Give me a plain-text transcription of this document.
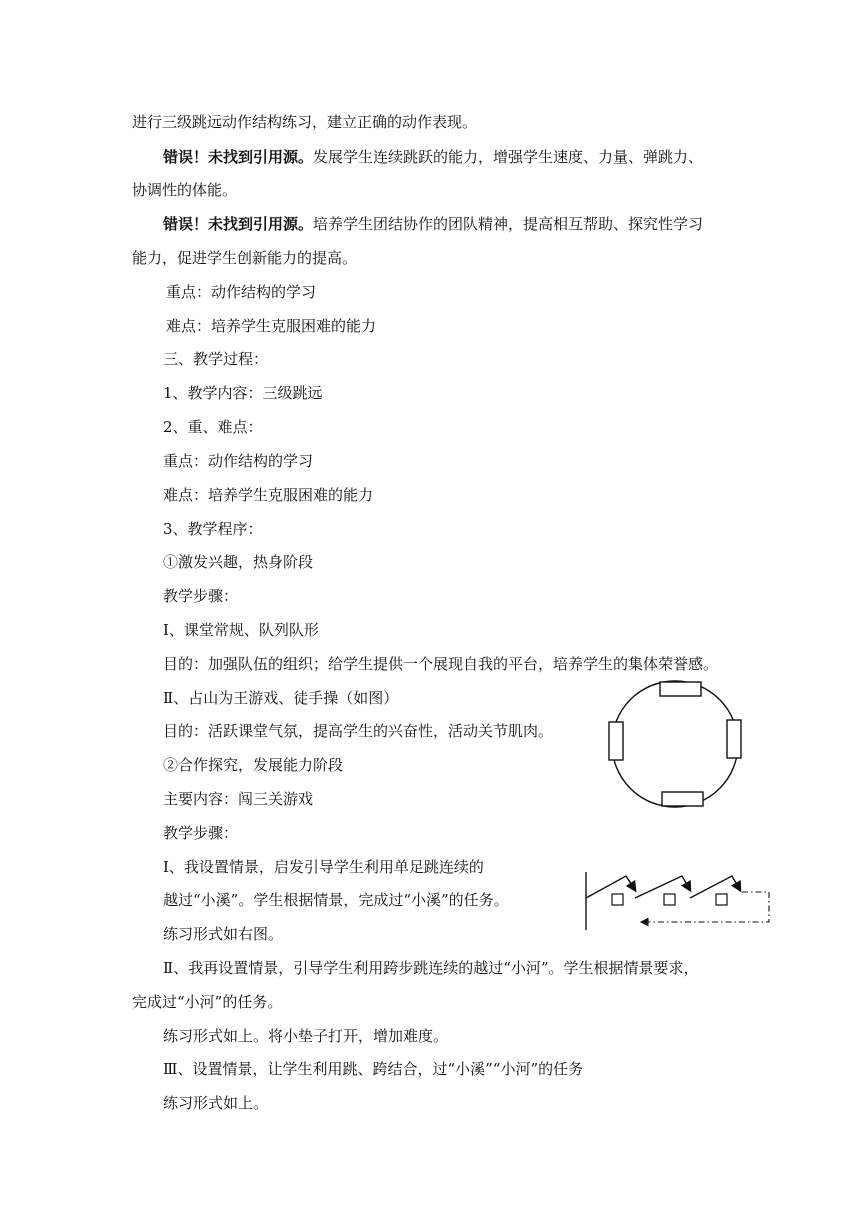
进行三级跳远动作结构练习，建立正确的动作表现。
错误！未找到引用源。发展学生连续跳跃的能力，增强学生速度、力量、弹跳力、
协调性的体能。
错误！未找到引用源。培养学生团结协作的团队精神，提高相互帮助、探究性学习
能力，促进学生创新能力的提高。
重点：动作结构的学习
难点：培养学生克服困难的能力
三、教学过程：
1、教学内容：三级跳远
2、重、难点：
重点：动作结构的学习
难点：培养学生克服困难的能力
3、教学程序：
①激发兴趣，热身阶段
教学步骤：
Ⅰ、课堂常规、队列队形
目的：加强队伍的组织；给学生提供一个展现自我的平台，培养学生的集体荣誉感。
Ⅱ、占山为王游戏、徒手操（如图）
目的：活跃课堂气氛，提高学生的兴奋性，活动关节肌肉。
②合作探究，发展能力阶段
主要内容：闯三关游戏
教学步骤：
Ⅰ、我设置情景，启发引导学生利用单足跳连续的
越过“小溪”。学生根据情景，完成过“小溪”的任务。
练习形式如右图。
Ⅱ、我再设置情景，引导学生利用跨步跳连续的越过“小河”。学生根据情景要求，
完成过“小河”的任务。
练习形式如上。将小垫子打开，增加难度。
Ⅲ、设置情景，让学生利用跳、跨结合，过“小溪”“小河”的任务
练习形式如上。
